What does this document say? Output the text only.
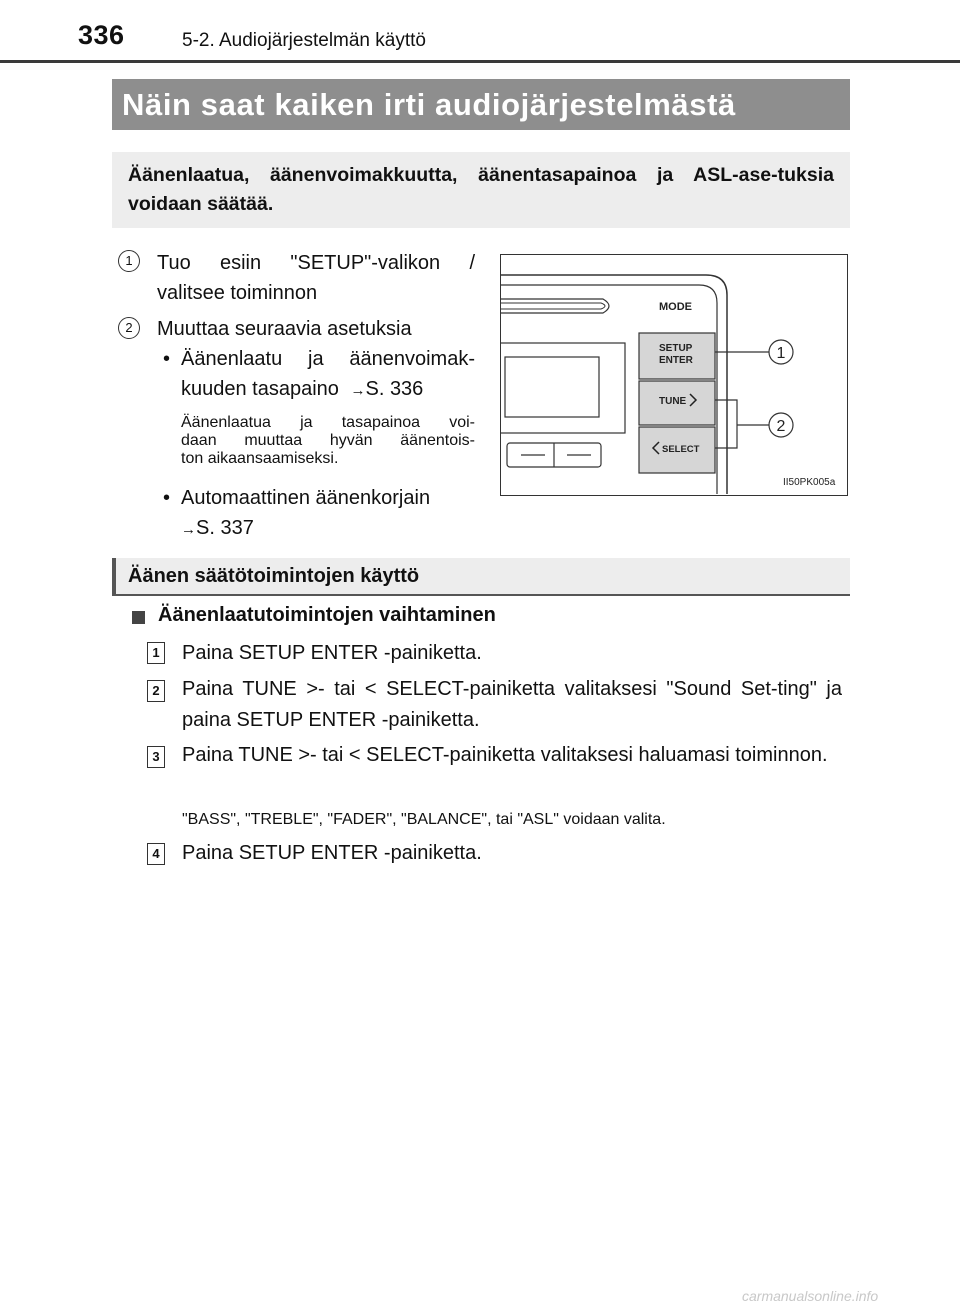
336	5-2. Audiojärjestelmän käyttö
Näin saat kaiken irti audiojärjestelmästä
Äänenlaatua, äänenvoimakkuutta, äänentasapainoa ja ASL-ase-tuksia voidaan säätää.
1	Tuo esiin "SETUP"-valikon /
valitsee toiminnon
2	Muuttaa seuraavia asetuksia
• Äänenlaatu ja äänenvoimak-
kuuden tasapaino →S. 336
Äänenlaatua ja tasapainoa voi-
daan muuttaa hyvän äänentois-
ton aikaansaamiseksi.
• Automaattinen äänenkorjain
→S. 337
MODE
SETUP
ENTER
TUNE
SELECT
1
2
II50PK005a
Äänen säätötoimintojen käyttö
Äänenlaatutoimintojen vaihtaminen
1 Paina SETUP ENTER -painiketta.
2 Paina TUNE >- tai < SELECT-painiketta valitaksesi "Sound Set-ting" ja paina SETUP ENTER -painiketta.
3 Paina TUNE >- tai < SELECT-painiketta valitaksesi haluamasi toiminnon.
"BASS", "TREBLE", "FADER", "BALANCE", tai "ASL" voidaan valita.
4 Paina SETUP ENTER -painiketta.
carmanualsonline.info
